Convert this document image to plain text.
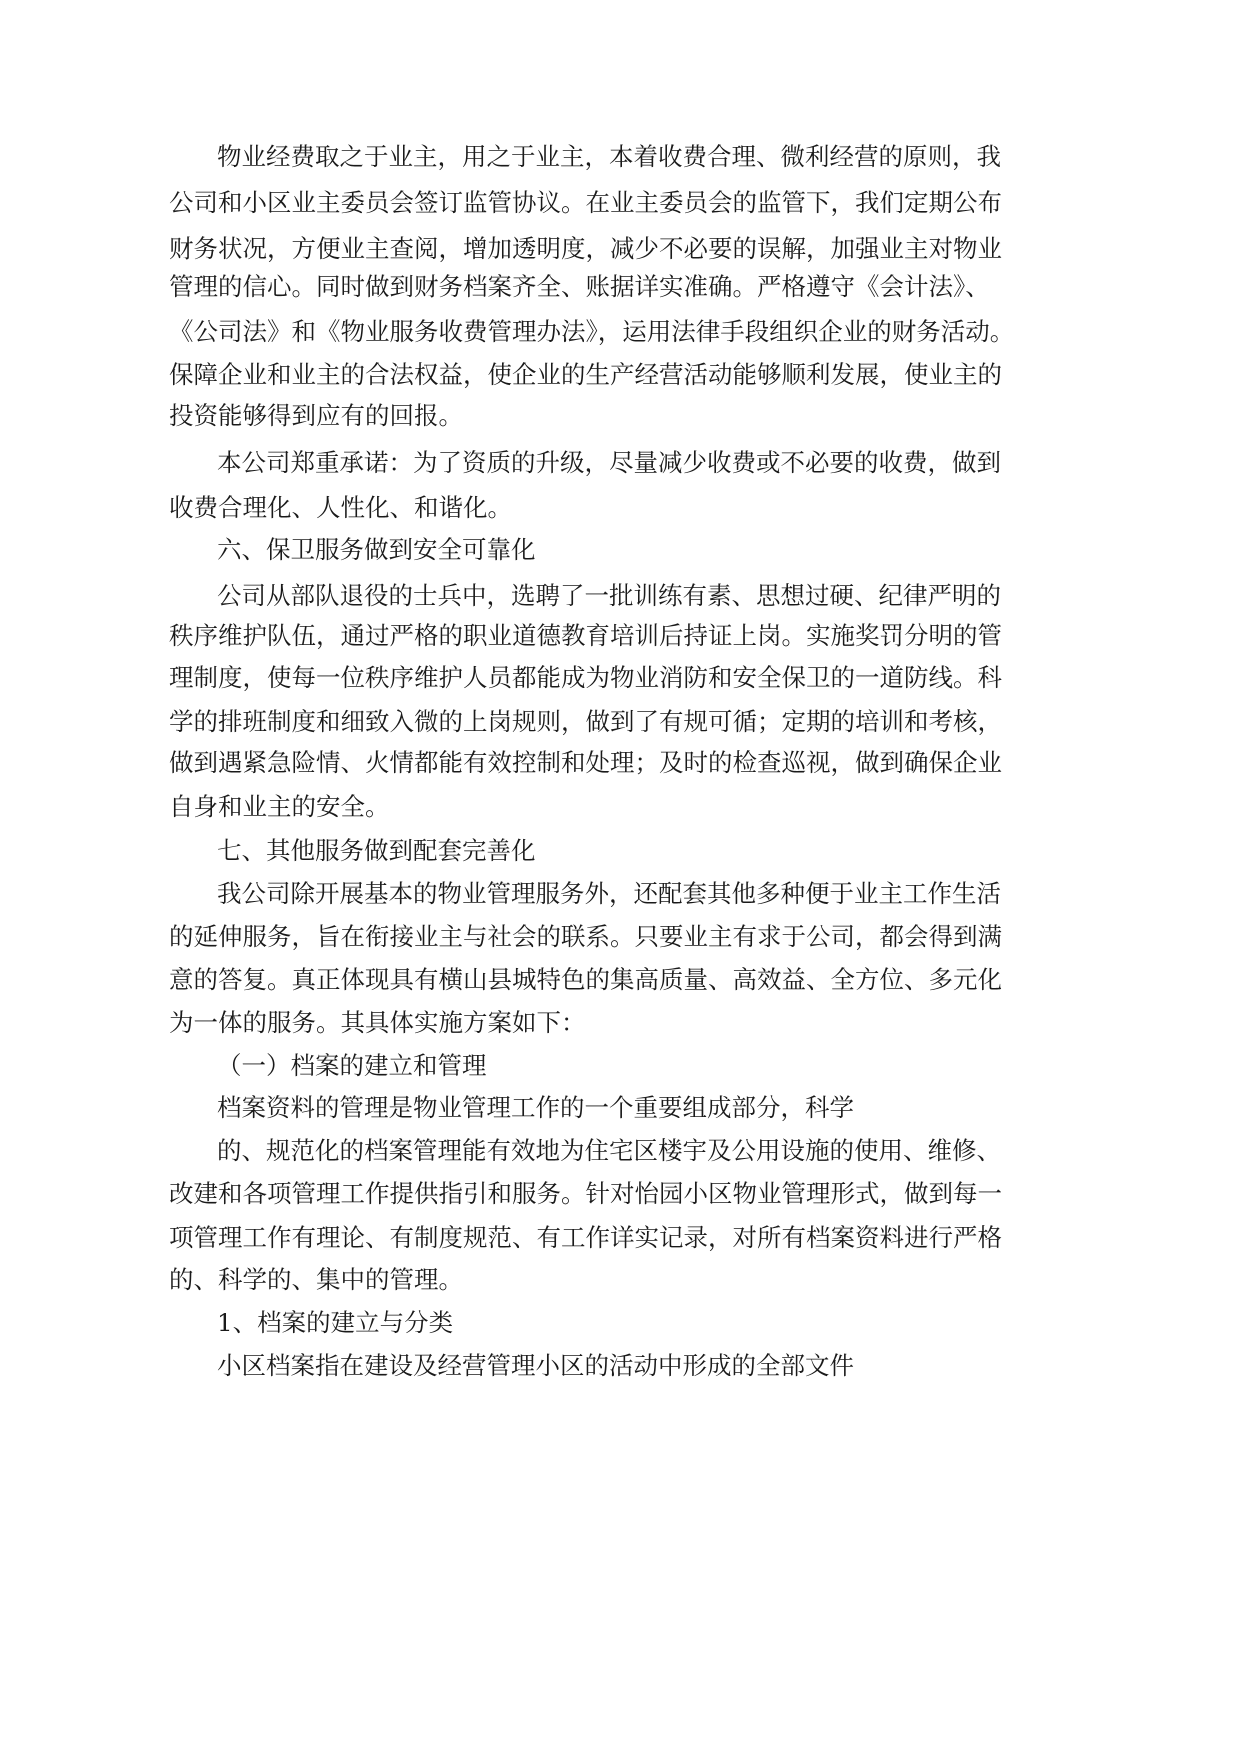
物业经费取之于业主，用之于业主，本着收费合理、微利经营的原则，我
公司和小区业主委员会签订监管协议。在业主委员会的监管下，我们定期公布
财务状况，方便业主查阅，增加透明度，减少不必要的误解，加强业主对物业
管理的信心。同时做到财务档案齐全、账据详实准确。严格遵守《会计法》、
《公司法》和《物业服务收费管理办法》，运用法律手段组织企业的财务活动。
保障企业和业主的合法权益，使企业的生产经营活动能够顺利发展，使业主的
投资能够得到应有的回报。
本公司郑重承诺：为了资质的升级，尽量减少收费或不必要的收费，做到
收费合理化、人性化、和谐化。
六、保卫服务做到安全可靠化
公司从部队退役的士兵中，选聘了一批训练有素、思想过硬、纪律严明的
秩序维护队伍，通过严格的职业道德教育培训后持证上岗。实施奖罚分明的管
理制度，使每一位秩序维护人员都能成为物业消防和安全保卫的一道防线。科
学的排班制度和细致入微的上岗规则，做到了有规可循；定期的培训和考核，
做到遇紧急险情、火情都能有效控制和处理；及时的检查巡视，做到确保企业
自身和业主的安全。
七、其他服务做到配套完善化
我公司除开展基本的物业管理服务外，还配套其他多种便于业主工作生活
的延伸服务，旨在衔接业主与社会的联系。只要业主有求于公司，都会得到满
意的答复。真正体现具有横山县城特色的集高质量、高效益、全方位、多元化
为一体的服务。其具体实施方案如下：
（一）档案的建立和管理
档案资料的管理是物业管理工作的一个重要组成部分，科学
的、规范化的档案管理能有效地为住宅区楼宇及公用设施的使用、维修、
改建和各项管理工作提供指引和服务。针对怡园小区物业管理形式，做到每一
项管理工作有理论、有制度规范、有工作详实记录，对所有档案资料进行严格
的、科学的、集中的管理。
1、档案的建立与分类
小区档案指在建设及经营管理小区的活动中形成的全部文件
